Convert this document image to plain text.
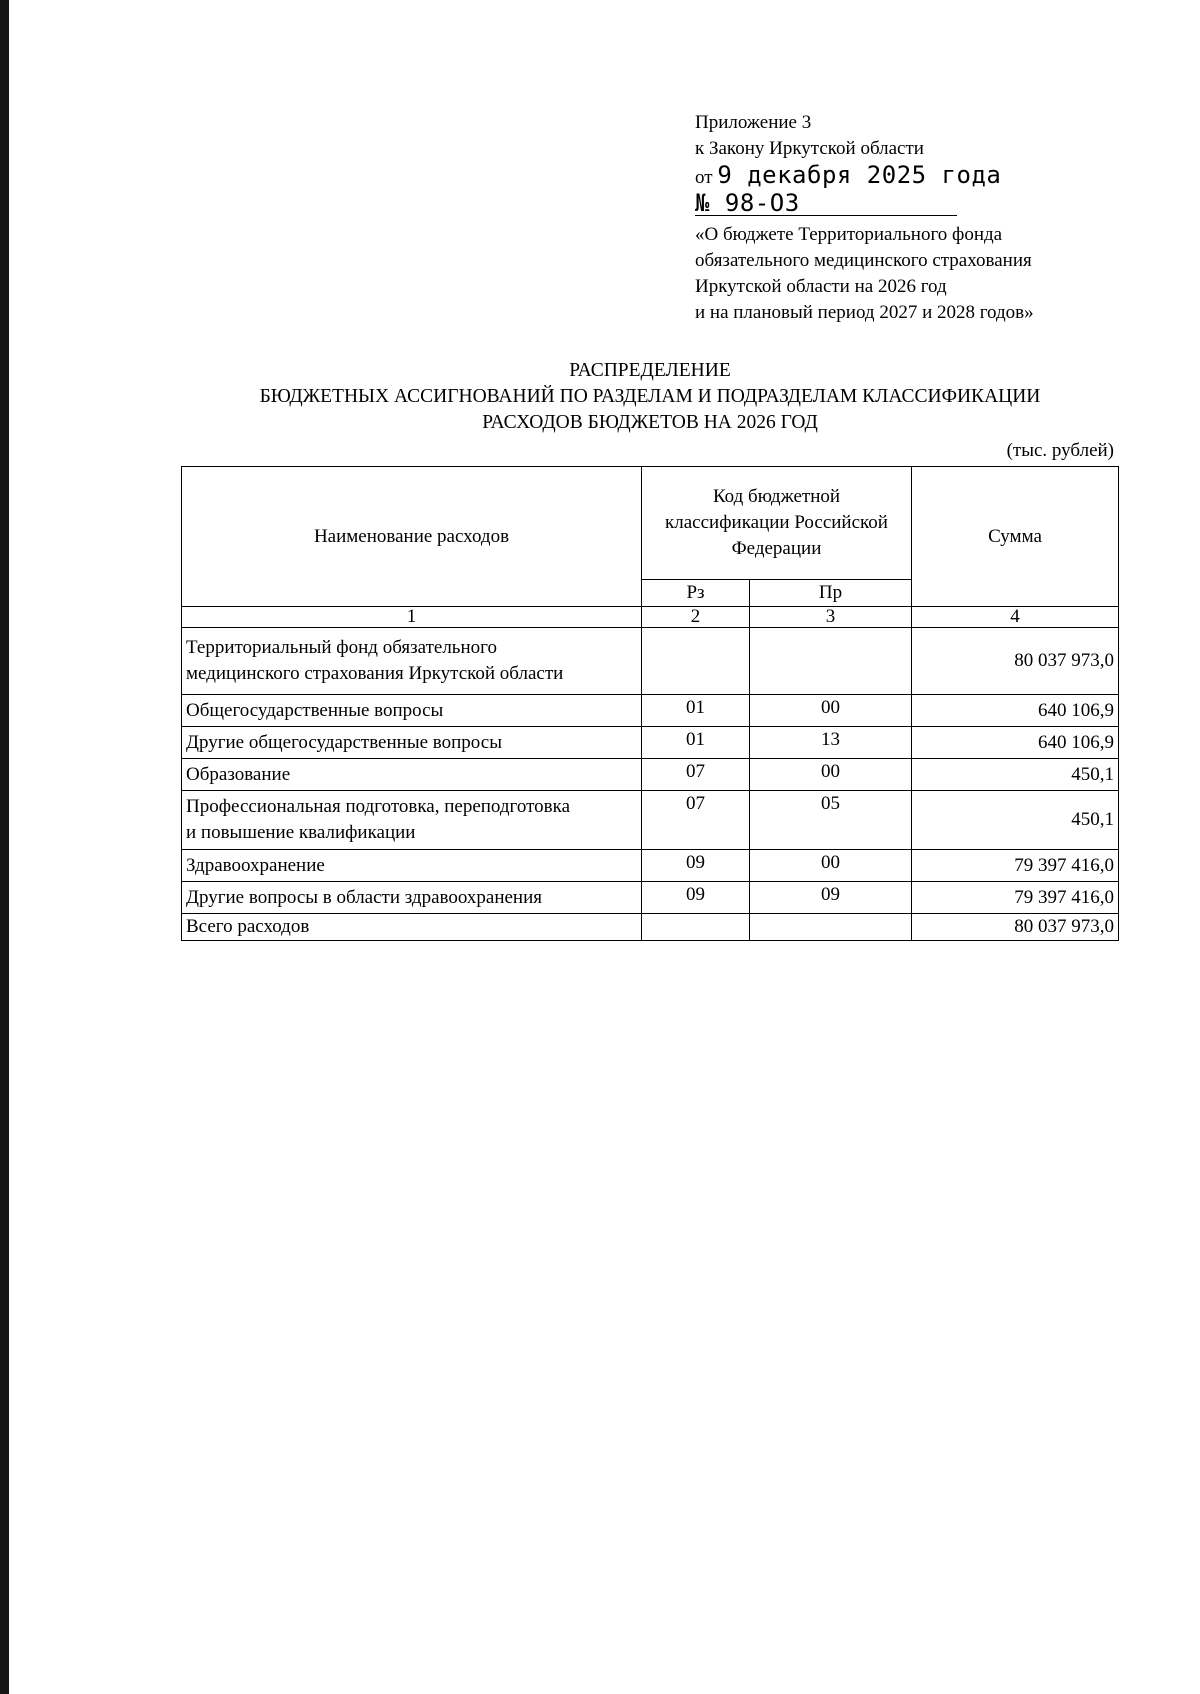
Приложение 3
к Закону Иркутской области
от 9 декабря 2025 года
№ 98-ОЗ
«О бюджете Территориального фонда
обязательного медицинского страхования
Иркутской области на 2026 год
и на плановый период 2027 и 2028 годов»
РАСПРЕДЕЛЕНИЕ
БЮДЖЕТНЫХ АССИГНОВАНИЙ ПО РАЗДЕЛАМ И ПОДРАЗДЕЛАМ КЛАССИФИКАЦИИ
РАСХОДОВ БЮДЖЕТОВ НА 2026 ГОД
(тыс. рублей)
Наименование расходов	Код бюджетной
классификации Российской
Федерации		Сумма
	Рз	Пр	
1	2	3	4

Территориальный фонд обязательного
медицинского страхования Иркутской области			80 037 973,0
Общегосударственные вопросы	01	00	640 106,9
Другие общегосударственные вопросы	01	13	640 106,9
Образование	07	00	450,1

Профессиональная подготовка, переподготовка
и повышение квалификации	07	05	450,1
Здравоохранение	09	00	79 397 416,0
Другие вопросы в области здравоохранения	09	09	79 397 416,0
Всего расходов			80 037 973,0
